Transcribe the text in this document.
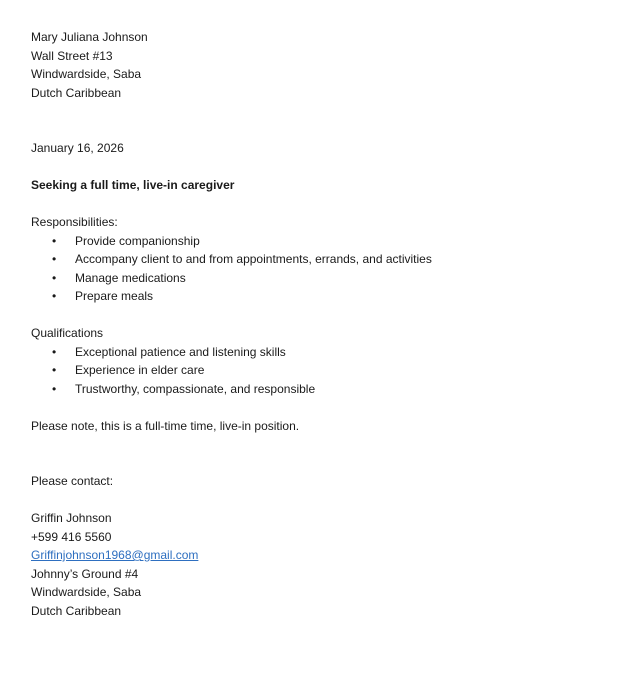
Mary Juliana Johnson
Wall Street #13
Windwardside, Saba
Dutch Caribbean
January 16, 2026
Seeking a full time, live-in caregiver
Responsibilities:
• Provide companionship
• Accompany client to and from appointments, errands, and activities
• Manage medications
• Prepare meals
Qualifications
• Exceptional patience and listening skills
• Experience in elder care
• Trustworthy, compassionate, and responsible
Please note, this is a full-time time, live-in position.
Please contact:
Griffin Johnson
+599 416 5560
Griffinjohnson1968@gmail.com
Johnny’s Ground #4
Windwardside, Saba
Dutch Caribbean
